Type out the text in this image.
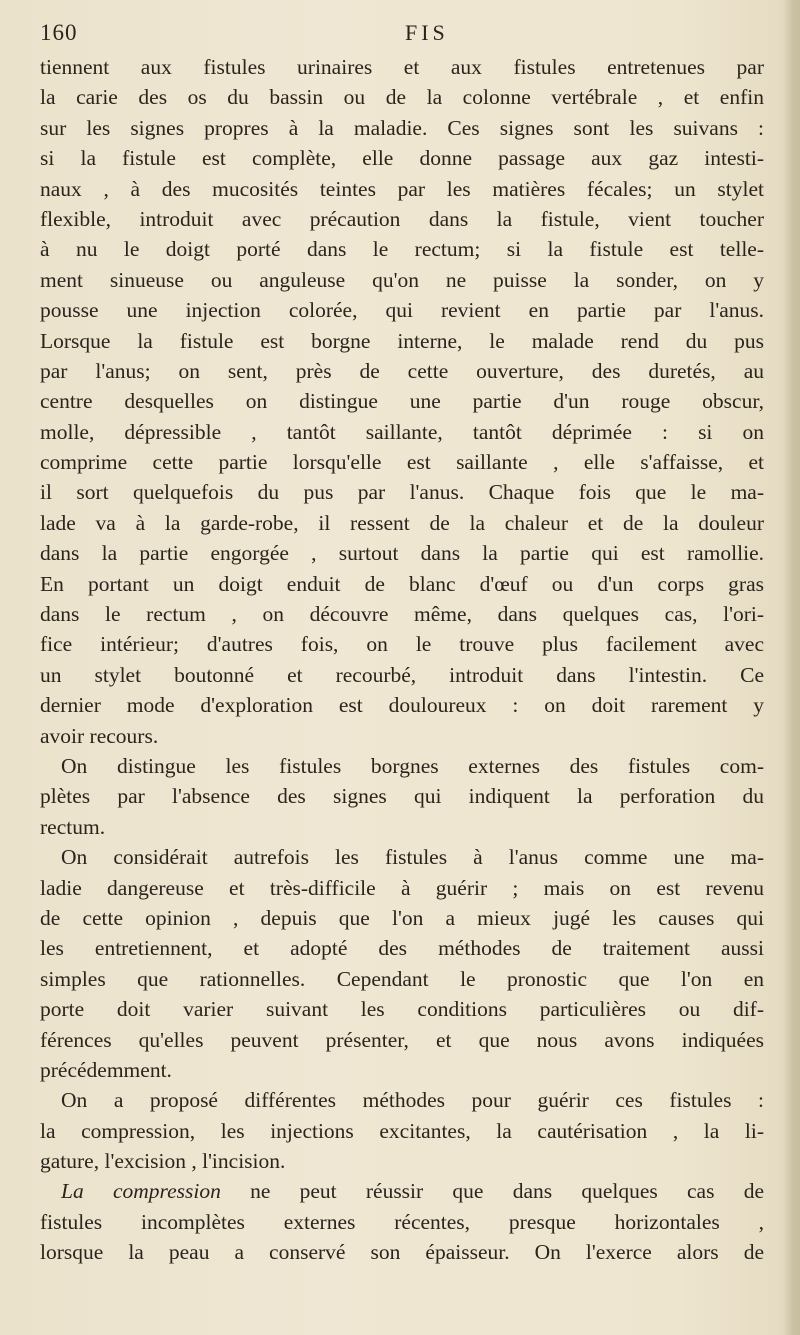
160	FIS
tiennent aux fistules urinaires et aux fistules entretenues par
la carie des os du bassin ou de la colonne vertébrale , et enfin
sur les signes propres à la maladie. Ces signes sont les suivans :
si la fistule est complète, elle donne passage aux gaz intesti-
naux , à des mucosités teintes par les matières fécales; un stylet
flexible, introduit avec précaution dans la fistule, vient toucher
à nu le doigt porté dans le rectum; si la fistule est telle-
ment sinueuse ou anguleuse qu'on ne puisse la sonder, on y
pousse une injection colorée, qui revient en partie par l'anus.
Lorsque la fistule est borgne interne, le malade rend du pus
par l'anus; on sent, près de cette ouverture, des duretés, au
centre desquelles on distingue une partie d'un rouge obscur,
molle, dépressible , tantôt saillante, tantôt déprimée : si on
comprime cette partie lorsqu'elle est saillante , elle s'affaisse, et
il sort quelquefois du pus par l'anus. Chaque fois que le ma-
lade va à la garde-robe, il ressent de la chaleur et de la douleur
dans la partie engorgée , surtout dans la partie qui est ramollie.
En portant un doigt enduit de blanc d'œuf ou d'un corps gras
dans le rectum , on découvre même, dans quelques cas, l'ori-
fice intérieur; d'autres fois, on le trouve plus facilement avec
un stylet boutonné et recourbé, introduit dans l'intestin. Ce
dernier mode d'exploration est douloureux : on doit rarement y
avoir recours.
On distingue les fistules borgnes externes des fistules com-
plètes par l'absence des signes qui indiquent la perforation du
rectum.
On considérait autrefois les fistules à l'anus comme une ma-
ladie dangereuse et très-difficile à guérir ; mais on est revenu
de cette opinion , depuis que l'on a mieux jugé les causes qui
les entretiennent, et adopté des méthodes de traitement aussi
simples que rationnelles. Cependant le pronostic que l'on en
porte doit varier suivant les conditions particulières ou dif-
férences qu'elles peuvent présenter, et que nous avons indiquées
précédemment.
On a proposé différentes méthodes pour guérir ces fistules :
la compression, les injections excitantes, la cautérisation , la li-
gature, l'excision , l'incision.
La compression ne peut réussir que dans quelques cas de
fistules incomplètes externes récentes, presque horizontales ,
lorsque la peau a conservé son épaisseur. On l'exerce alors de
